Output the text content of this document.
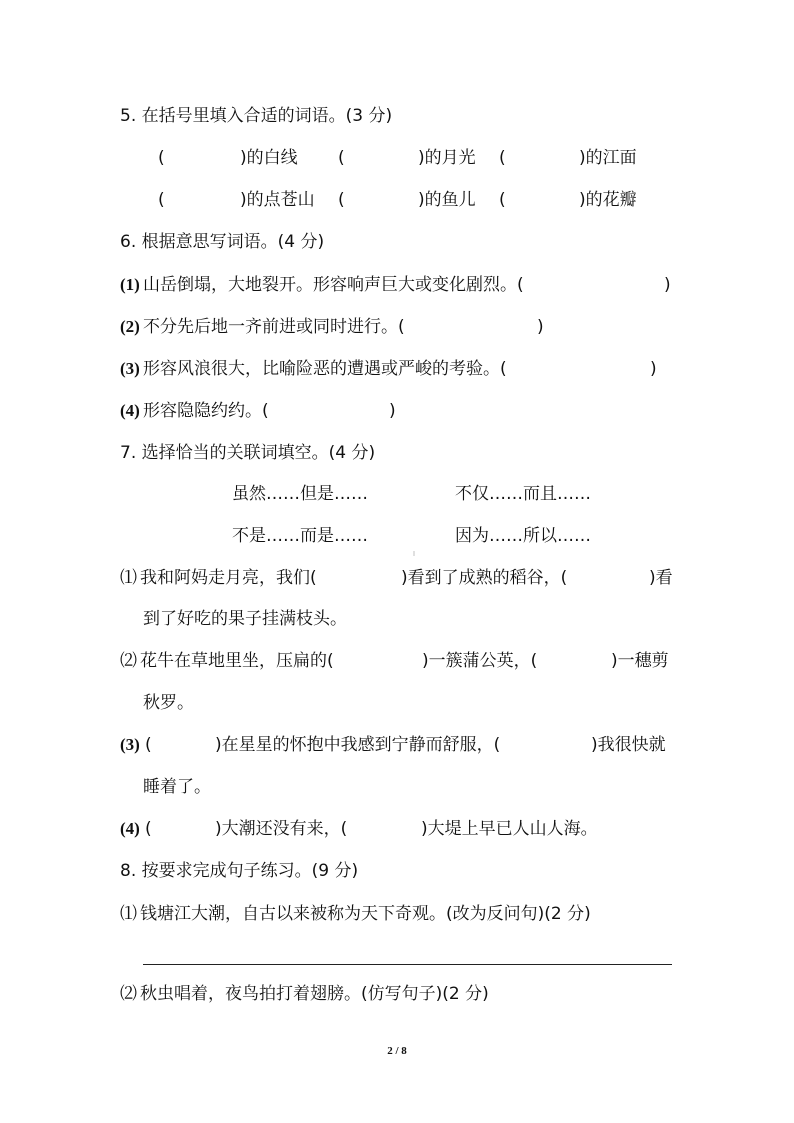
5. 在括号里填入合适的词语。(3 分)
(	)的白线 (	)的月光 (	)的江面
(	)的点苍山 (	)的鱼儿 (	)的花瓣
6. 根据意思写词语。(4 分)
(1) 山岳倒塌，大地裂开。形容响声巨大或变化剧烈。(	)
(2) 不分先后地一齐前进或同时进行。(	)
(3) 形容风浪很大，比喻险恶的遭遇或严峻的考验。(	)
(4) 形容隐隐约约。(	)
7. 选择恰当的关联词填空。(4 分)
虽然……但是……	不仅……而且……
不是……而是……	因为……所以……
⑴ 我和阿妈走月亮，我们(	)看到了成熟的稻谷，(	)看
到了好吃的果子挂满枝头。
⑵ 花牛在草地里坐，压扁的(	)一簇蒲公英，(	)一穗剪
秋罗。
(3) (	)在星星的怀抱中我感到宁静而舒服，(	)我很快就
睡着了。
(4) (	)大潮还没有来，(	)大堤上早已人山人海。
8. 按要求完成句子练习。(9 分)
⑴ 钱塘江大潮，自古以来被称为天下奇观。(改为反问句)(2 分)
⑵ 秋虫唱着，夜鸟拍打着翅膀。(仿写句子)(2 分)
2 / 8
